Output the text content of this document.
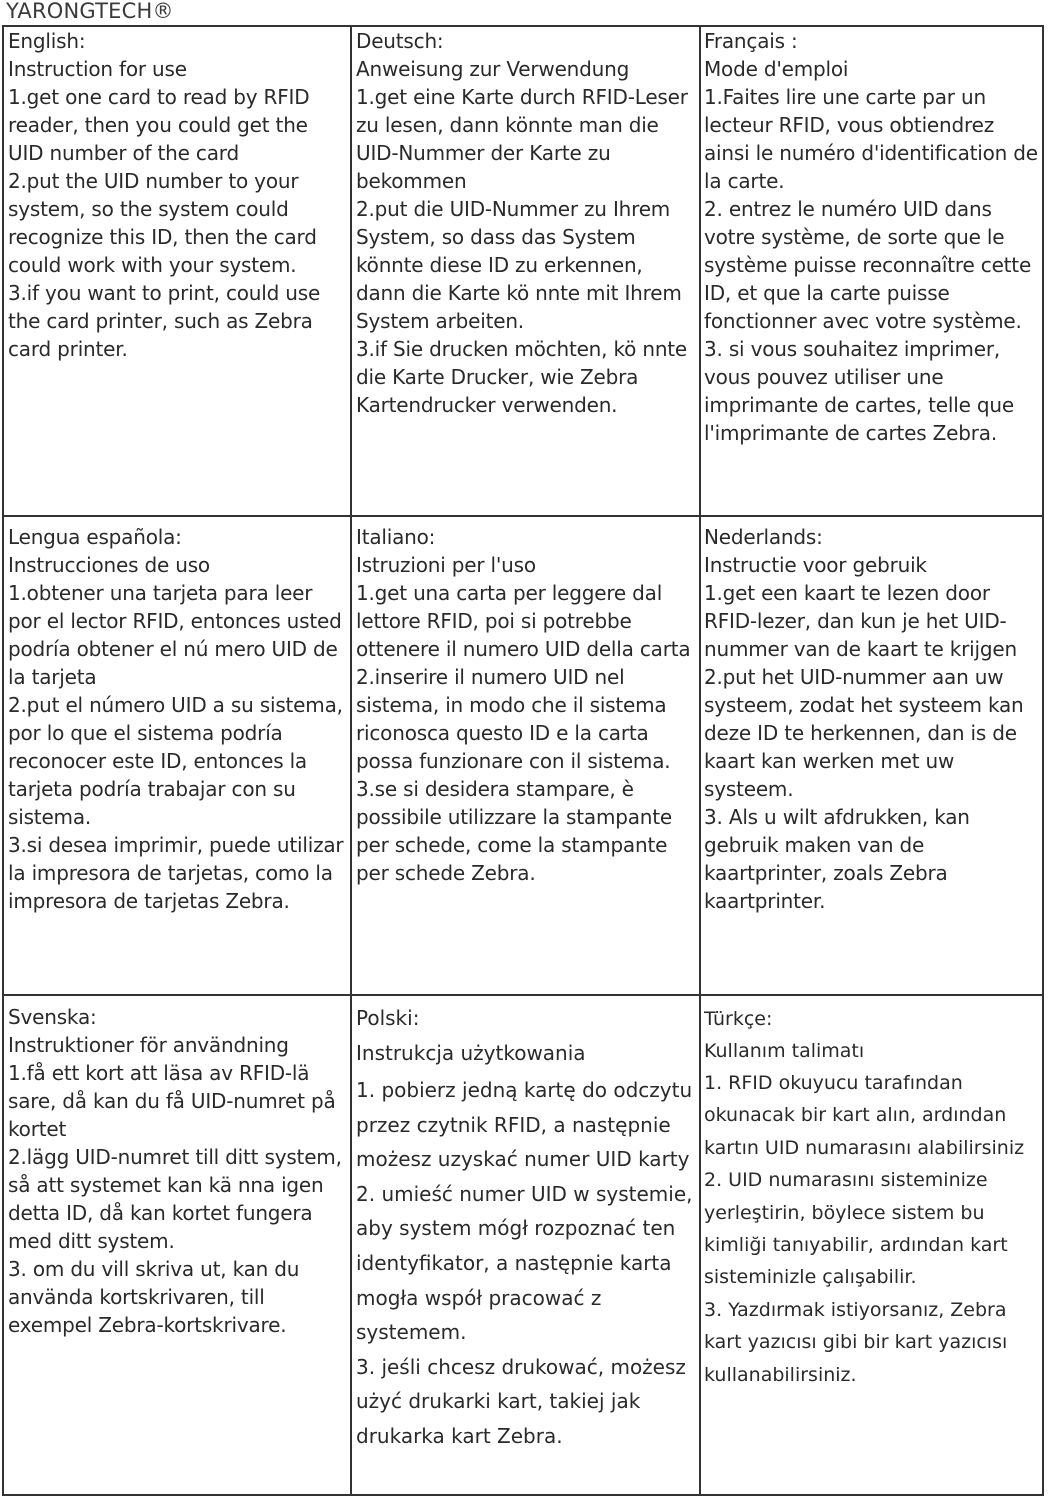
YARONGTECH®

English:

Instruction for use

1.get one card to read by RFID reader, then you could get the UID number of the card
2.put the UID number to your system, so the system could recognize this ID, then the card could work with your system.
3.if you want to print, could use the card printer, such as Zebra card printer.

Deutsch:

Anweisung zur Verwendung

1.get eine Karte durch RFID-Leser zu lesen, dann könnte man die UID-Nummer der Karte zu bekommen
2.put die UID-Nummer zu Ihrem System, so dass das System könnte diese ID zu erkennen, dann die Karte kö nnte mit Ihrem System arbeiten.
3.if Sie drucken möchten, kö nnte die Karte Drucker, wie Zebra Kartendrucker verwenden.

Français :

Mode d'emploi

1.Faites lire une carte par un lecteur RFID, vous obtiendrez ainsi le numéro d'identification de la carte.
2. entrez le numéro UID dans votre système, de sorte que le système puisse reconnaître cette ID, et que la carte puisse fonctionner avec votre système.
3. si vous souhaitez imprimer, vous pouvez utiliser une imprimante de cartes, telle que l'imprimante de cartes Zebra.

Lengua española:

Instrucciones de uso

1.obtener una tarjeta para leer por el lector RFID, entonces usted podría obtener el nú mero UID de la tarjeta
2.put el número UID a su sistema, por lo que el sistema podría reconocer este ID, entonces la tarjeta podría trabajar con su sistema.
3.si desea imprimir, puede utilizar la impresora de tarjetas, como la impresora de tarjetas Zebra.

Italiano:

Istruzioni per l'uso

1.get una carta per leggere dal lettore RFID, poi si potrebbe ottenere il numero UID della carta
2.inserire il numero UID nel sistema, in modo che il sistema riconosca questo ID e la carta possa funzionare con il sistema.
3.se si desidera stampare, è possibile utilizzare la stampante per schede, come la stampante per schede Zebra.

Nederlands:

Instructie voor gebruik

1.get een kaart te lezen door RFID-lezer, dan kun je het UID-nummer van de kaart te krijgen
2.put het UID-nummer aan uw systeem, zodat het systeem kan deze ID te herkennen, dan is de kaart kan werken met uw systeem.
3. Als u wilt afdrukken, kan gebruik maken van de kaartprinter, zoals Zebra kaartprinter.

Svenska:

Instruktioner för användning

1.få ett kort att läsa av RFID-lä sare, då kan du få UID-numret på kortet
2.lägg UID-numret till ditt system, så att systemet kan kä nna igen detta ID, då kan kortet fungera med ditt system.
3. om du vill skriva ut, kan du använda kortskrivaren, till exempel Zebra-kortskrivare.

Polski:

Instrukcja użytkowania

1. pobierz jedną kartę do odczytu przez czytnik RFID, a następnie możesz uzyskać numer UID karty
2. umieść numer UID w systemie, aby system mógł rozpoznać ten identyfikator, a następnie karta mogła współ pracować z systemem.
3. jeśli chcesz drukować, możesz użyć drukarki kart, takiej jak drukarka kart Zebra.

Türkçe:

Kullanım talimatı

1. RFID okuyucu tarafından okunacak bir kart alın, ardından kartın UID numarasını alabilirsiniz
2. UID numarasını sisteminize yerleştirin, böylece sistem bu kimliği tanıyabilir, ardından kart sisteminizle çalışabilir.
3. Yazdırmak istiyorsanız, Zebra kart yazıcısı gibi bir kart yazıcısı kullanabilirsiniz.
